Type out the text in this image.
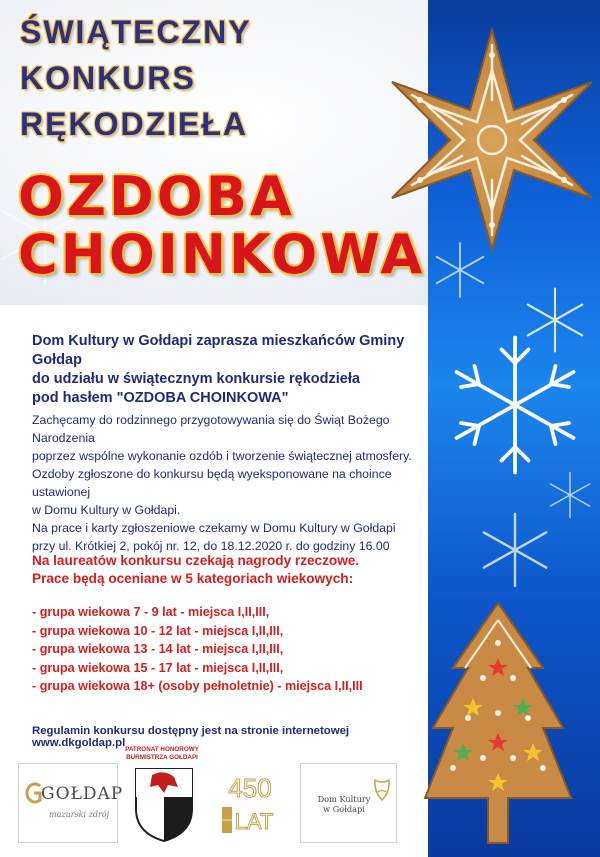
ŚWIĄTECZNY
KONKURS
RĘKODZIEŁA
OZDOBA
CHOINKOWA
Dom Kultury w Gołdapi zaprasza mieszkańców Gminy Gołdap
do udziału w świątecznym konkursie rękodzieła
pod hasłem "OZDOBA CHOINKOWA"
Zachęcamy do rodzinnego przygotowywania się do Świąt Bożego Narodzenia
poprzez wspólne wykonanie ozdób i tworzenie świątecznej atmosfery.
Ozdoby zgłoszone do konkursu będą wyeksponowane na choince ustawionej
w Domu Kultury w Gołdapi.
Na prace i karty zgłoszeniowe czekamy w Domu Kultury w Gołdapi
przy ul. Krótkiej 2, pokój nr. 12, do 18.12.2020 r. do godziny 16.00
Na laureatów konkursu czekają nagrody rzeczowe.
Prace będą oceniane w 5 kategoriach wiekowych:
- grupa wiekowa 7 - 9 lat - miejsca I,II,III,
- grupa wiekowa 10 - 12 lat - miejsca I,II,III,
- grupa wiekowa 13 - 14 lat - miejsca I,II,III,
- grupa wiekowa 15 - 17 lat - miejsca I,II,III,
- grupa wiekowa 18+ (osoby pełnoletnie) - miejsca I,II,III
Regulamin konkursu dostępny jest na stronie internetowej www.dkgoldap.pl
GOŁDAP
mazurski zdrój
PATRONAT HONOROWY
BURMISTRZA GOŁDAPI
450
LAT
GOŁDAP
Dom Kultury
w Gołdapi
